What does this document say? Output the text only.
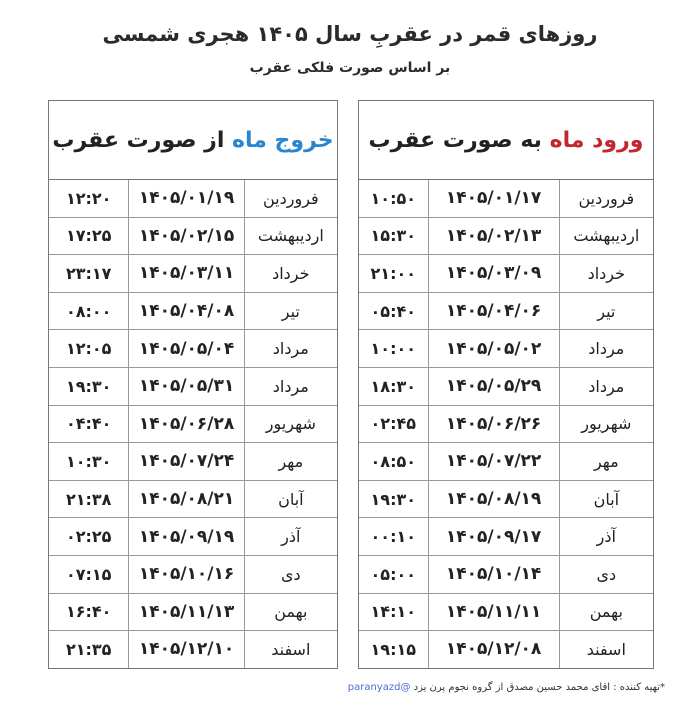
روزهای قمر در عقربِ سال ۱۴۰۵ هجری شمسی
بر اساس صورت فلکی عقرب
ورود ماه
به صورت عقرب
فروردین
۱۴۰۵/۰۱/۱۷
۱۰:۵۰
اردیبهشت
۱۴۰۵/۰۲/۱۳
۱۵:۳۰
خرداد
۱۴۰۵/۰۳/۰۹
۲۱:۰۰
تیر
۱۴۰۵/۰۴/۰۶
۰۵:۴۰
مرداد
۱۴۰۵/۰۵/۰۲
۱۰:۰۰
مرداد
۱۴۰۵/۰۵/۲۹
۱۸:۳۰
شهریور
۱۴۰۵/۰۶/۲۶
۰۲:۴۵
مهر
۱۴۰۵/۰۷/۲۲
۰۸:۵۰
آبان
۱۴۰۵/۰۸/۱۹
۱۹:۳۰
آذر
۱۴۰۵/۰۹/۱۷
۰۰:۱۰
دی
۱۴۰۵/۱۰/۱۴
۰۵:۰۰
بهمن
۱۴۰۵/۱۱/۱۱
۱۴:۱۰
اسفند
۱۴۰۵/۱۲/۰۸
۱۹:۱۵
خروج ماه
از صورت عقرب
فروردین
۱۴۰۵/۰۱/۱۹
۱۲:۲۰
اردیبهشت
۱۴۰۵/۰۲/۱۵
۱۷:۲۵
خرداد
۱۴۰۵/۰۳/۱۱
۲۳:۱۷
تیر
۱۴۰۵/۰۴/۰۸
۰۸:۰۰
مرداد
۱۴۰۵/۰۵/۰۴
۱۲:۰۵
مرداد
۱۴۰۵/۰۵/۳۱
۱۹:۳۰
شهریور
۱۴۰۵/۰۶/۲۸
۰۴:۴۰
مهر
۱۴۰۵/۰۷/۲۴
۱۰:۳۰
آبان
۱۴۰۵/۰۸/۲۱
۲۱:۳۸
آذر
۱۴۰۵/۰۹/۱۹
۰۲:۲۵
دی
۱۴۰۵/۱۰/۱۶
۰۷:۱۵
بهمن
۱۴۰۵/۱۱/۱۳
۱۶:۴۰
اسفند
۱۴۰۵/۱۲/۱۰
۲۱:۳۵
*تهیه کننده : اقای محمد حسین مصدق از گروه نجوم پرن یزد @paranyazd
